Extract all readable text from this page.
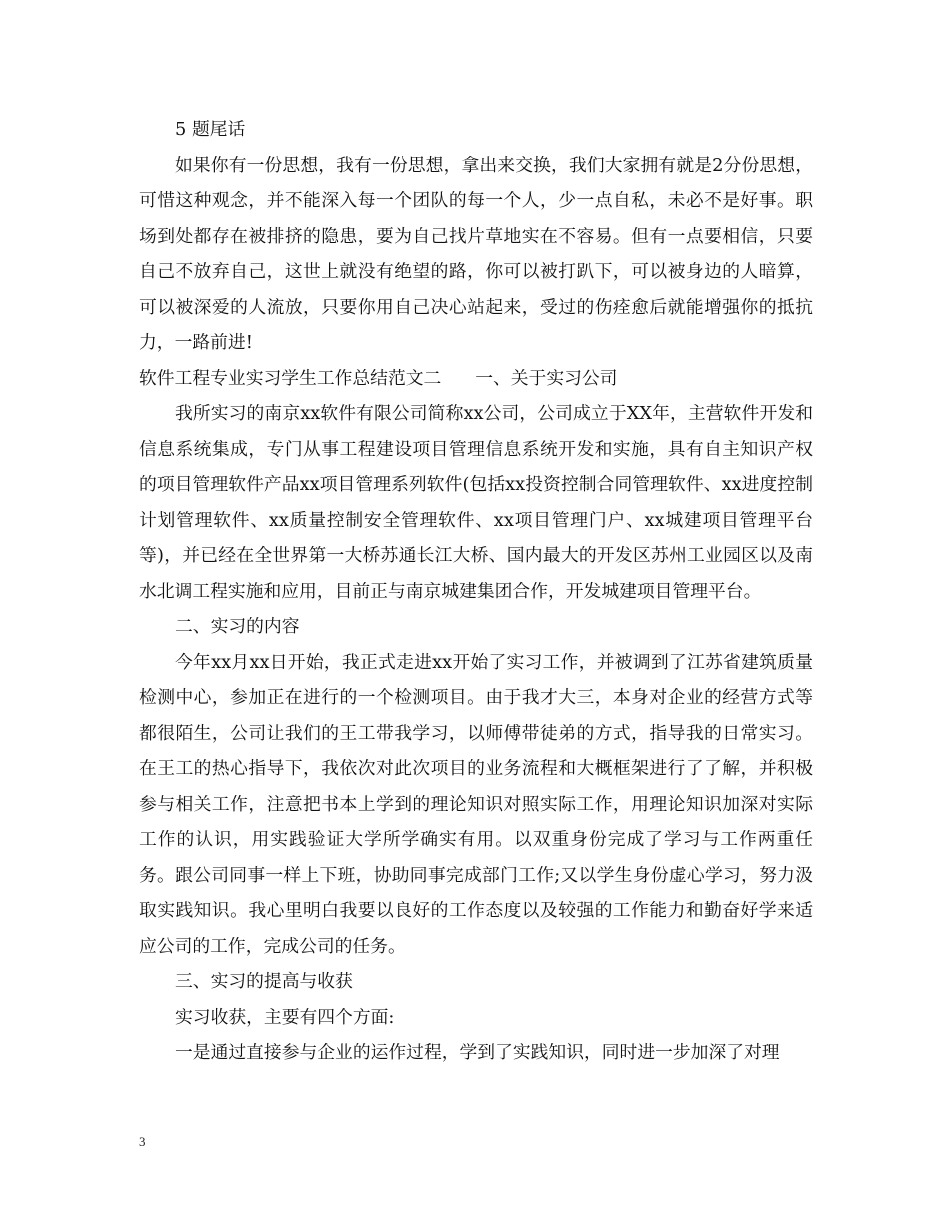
5 题尾话

如果你有一份思想，我有一份思想，拿出来交换，我们大家拥有就是2分份思想，可惜这种观念，并不能深入每一个团队的每一个人，少一点自私，未必不是好事。职场到处都存在被排挤的隐患，要为自己找片草地实在不容易。但有一点要相信，只要自己不放弃自己，这世上就没有绝望的路，你可以被打趴下，可以被身边的人暗算，可以被深爱的人流放，只要你用自己决心站起来，受过的伤痊愈后就能增强你的抵抗力，一路前进!

软件工程专业实习学生工作总结范文二      一、关于实习公司

我所实习的南京xx软件有限公司简称xx公司，公司成立于XX年，主营软件开发和信息系统集成，专门从事工程建设项目管理信息系统开发和实施，具有自主知识产权的项目管理软件产品xx项目管理系列软件(包括xx投资控制合同管理软件、xx进度控制计划管理软件、xx质量控制安全管理软件、xx项目管理门户、xx城建项目管理平台等)，并已经在全世界第一大桥苏通长江大桥、国内最大的开发区苏州工业园区以及南水北调工程实施和应用，目前正与南京城建集团合作，开发城建项目管理平台。

二、实习的内容

今年xx月xx日开始，我正式走进xx开始了实习工作，并被调到了江苏省建筑质量检测中心，参加正在进行的一个检测项目。由于我才大三，本身对企业的经营方式等都很陌生，公司让我们的王工带我学习，以师傅带徒弟的方式，指导我的日常实习。在王工的热心指导下，我依次对此次项目的业务流程和大概框架进行了了解，并积极参与相关工作，注意把书本上学到的理论知识对照实际工作，用理论知识加深对实际工作的认识，用实践验证大学所学确实有用。以双重身份完成了学习与工作两重任务。跟公司同事一样上下班，协助同事完成部门工作;又以学生身份虚心学习，努力汲取实践知识。我心里明白我要以良好的工作态度以及较强的工作能力和勤奋好学来适应公司的工作，完成公司的任务。

三、实习的提高与收获

实习收获，主要有四个方面:

一是通过直接参与企业的运作过程，学到了实践知识，同时进一步加深了对理

3
